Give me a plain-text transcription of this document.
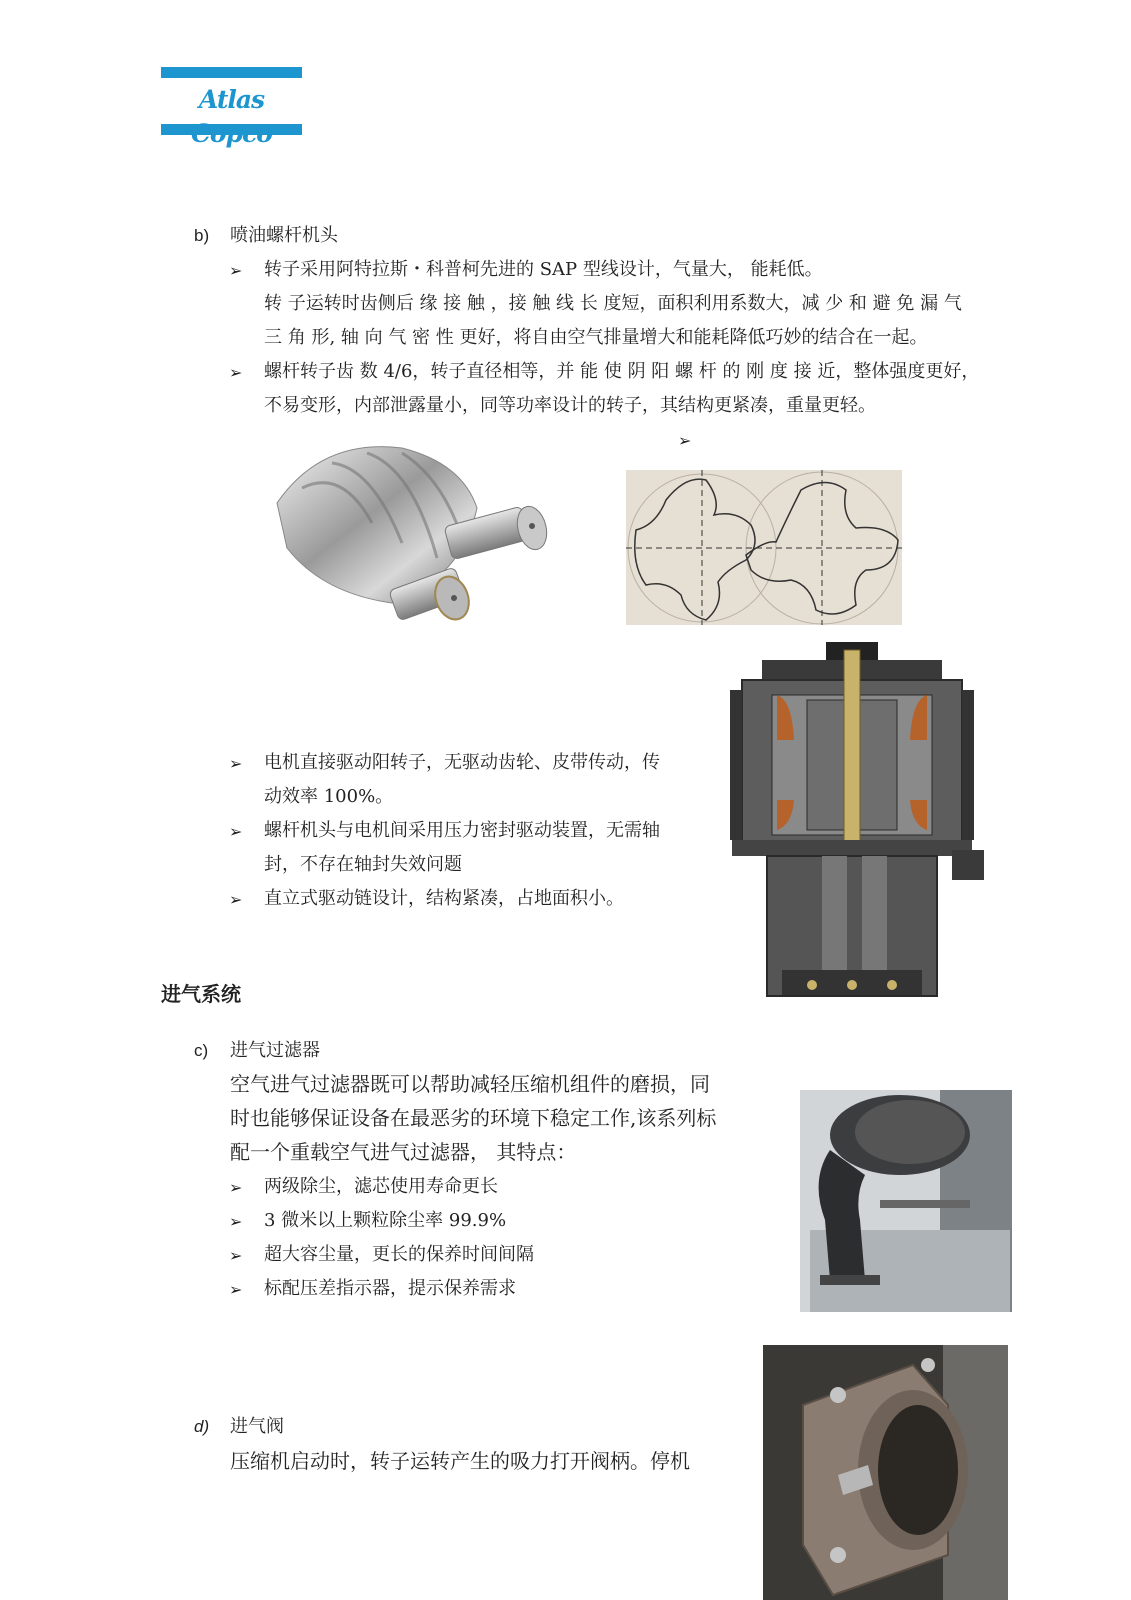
Atlas
b) 喷油螺杆机头
➢ 转子采用阿特拉斯・科普柯先进的 SAP 型线设计，气量大， 能耗低。
转 子运转时齿侧后 缘 接 触 ，接 触 线 长 度短，面积利用系数大，减 少 和 避 免 漏 气
三 角 形, 轴 向 气 密 性 更好，将自由空气排量增大和能耗降低巧妙的结合在一起。
➢ 螺杆转子齿 数 4/6，转子直径相等，并 能 使 阴 阳 螺 杆 的 刚 度 接 近，整体强度更好，
不易变形，内部泄露量小，同等功率设计的转子，其结构更紧凑，重量更轻。
➢
➢ 电机直接驱动阳转子，无驱动齿轮、皮带传动，传
动效率 100%。
➢ 螺杆机头与电机间采用压力密封驱动装置，无需轴
封，不存在轴封失效问题
➢ 直立式驱动链设计，结构紧凑，占地面积小。
进气系统
c) 进气过滤器
空气进气过滤器既可以帮助减轻压缩机组件的磨损，同
时也能够保证设备在最恶劣的环境下稳定工作,该系列标
配一个重载空气进气过滤器， 其特点：
➢ 两级除尘，滤芯使用寿命更长
➢ 3 微米以上颗粒除尘率 99.9%
➢ 超大容尘量，更长的保养时间间隔
➢ 标配压差指示器，提示保养需求
d) 进气阀
压缩机启动时，转子运转产生的吸力打开阀柄。停机
